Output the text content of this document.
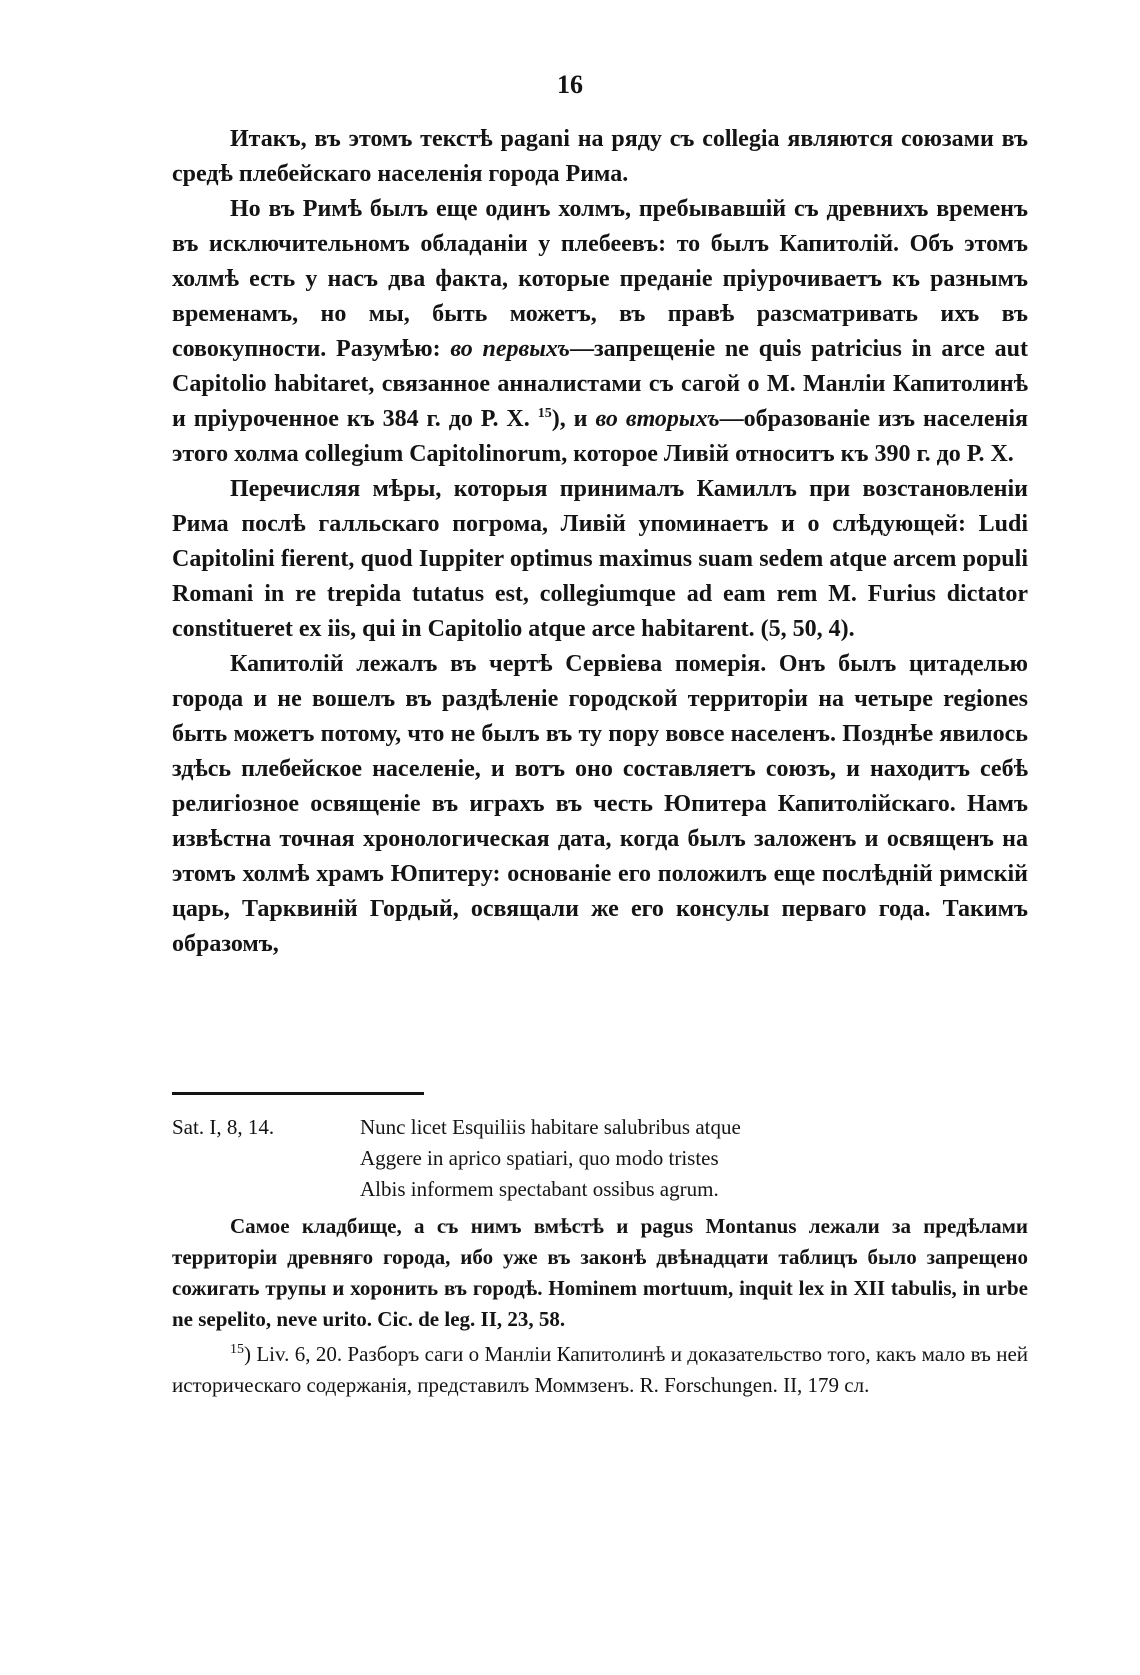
16

Итакъ, въ этомъ текстѣ pagani на ряду съ collegia являются союзами въ средѣ плебейскаго населенія города Рима.

Но въ Римѣ былъ еще одинъ холмъ, пребывавшій съ древнихъ временъ въ исключительномъ обладаніи у плебеевъ: то былъ Капитолій. Объ этомъ холмѣ есть у насъ два факта, которые преданіе пріурочиваетъ къ разнымъ временамъ, но мы, быть можетъ, въ правѣ разсматривать ихъ въ совокупности. Разумѣю: во первыхъ—запрещеніе ne quis patricius in arce aut Capitolio habitaret, связанное анналистами съ сагой о М. Манліи Капитолинѣ и пріуроченное къ 384 г. до Р. X. $^{15}$), и во вторыхъ—образованіе изъ населенія этого холма collegium Capitolinorum, которое Ливій относитъ къ 390 г. до Р. X.

Перечисляя мѣры, которыя принималъ Камиллъ при возстановленіи Рима послѣ галльскаго погрома, Ливій упоминаетъ и о слѣдующей: Ludi Capitolini fierent, quod Iuppiter optimus maximus suam sedem atque arcem populi Romani in re trepida tutatus est, collegiumque ad eam rem M. Furius dictator constitueret ex iis, qui in Capitolio atque arce habitarent. (5, 50, 4).

Капитолій лежалъ въ чертѣ Сервіева померія. Онъ былъ цитаделью города и не вошелъ въ раздѣленіе городской территоріи на четыре regiones быть можетъ потому, что не былъ въ ту пору вовсе населенъ. Позднѣе явилось здѣсь плебейское населеніе, и вотъ оно составляетъ союзъ, и находитъ себѣ религіозное освященіе въ играхъ въ честь Юпитера Капитолійскаго. Намъ извѣстна точная хронологическая дата, когда былъ заложенъ и освященъ на этомъ холмѣ храмъ Юпитеру: основаніе его положилъ еще послѣдній римскій царь, Тарквиній Гордый, освящали же его консулы перваго года. Такимъ образомъ,

Sat. I, 8, 14.	Nunc licet Esquiliis habitare salubribus atque
Aggere in aprico spatiari, quo modo tristes
Albis informem spectabant ossibus agrum.

Самое кладбище, а съ нимъ вмѣстѣ и pagus Montanus лежали за предѣлами территоріи древняго города, ибо уже въ законѣ двѣнадцати таблицъ было запрещено сожигать трупы и хоронить въ городѣ. Hominem mortuum, inquit lex in XII tabulis, in urbe ne sepelito, neve urito. Cic. de leg. II, 23, 58.

$^{15}$) Liv. 6, 20. Разборъ саги о Манліи Капитолинѣ и доказательство того, какъ мало въ ней историческаго содержанія, представилъ Моммзенъ. R. Forschungen. II, 179 сл.
